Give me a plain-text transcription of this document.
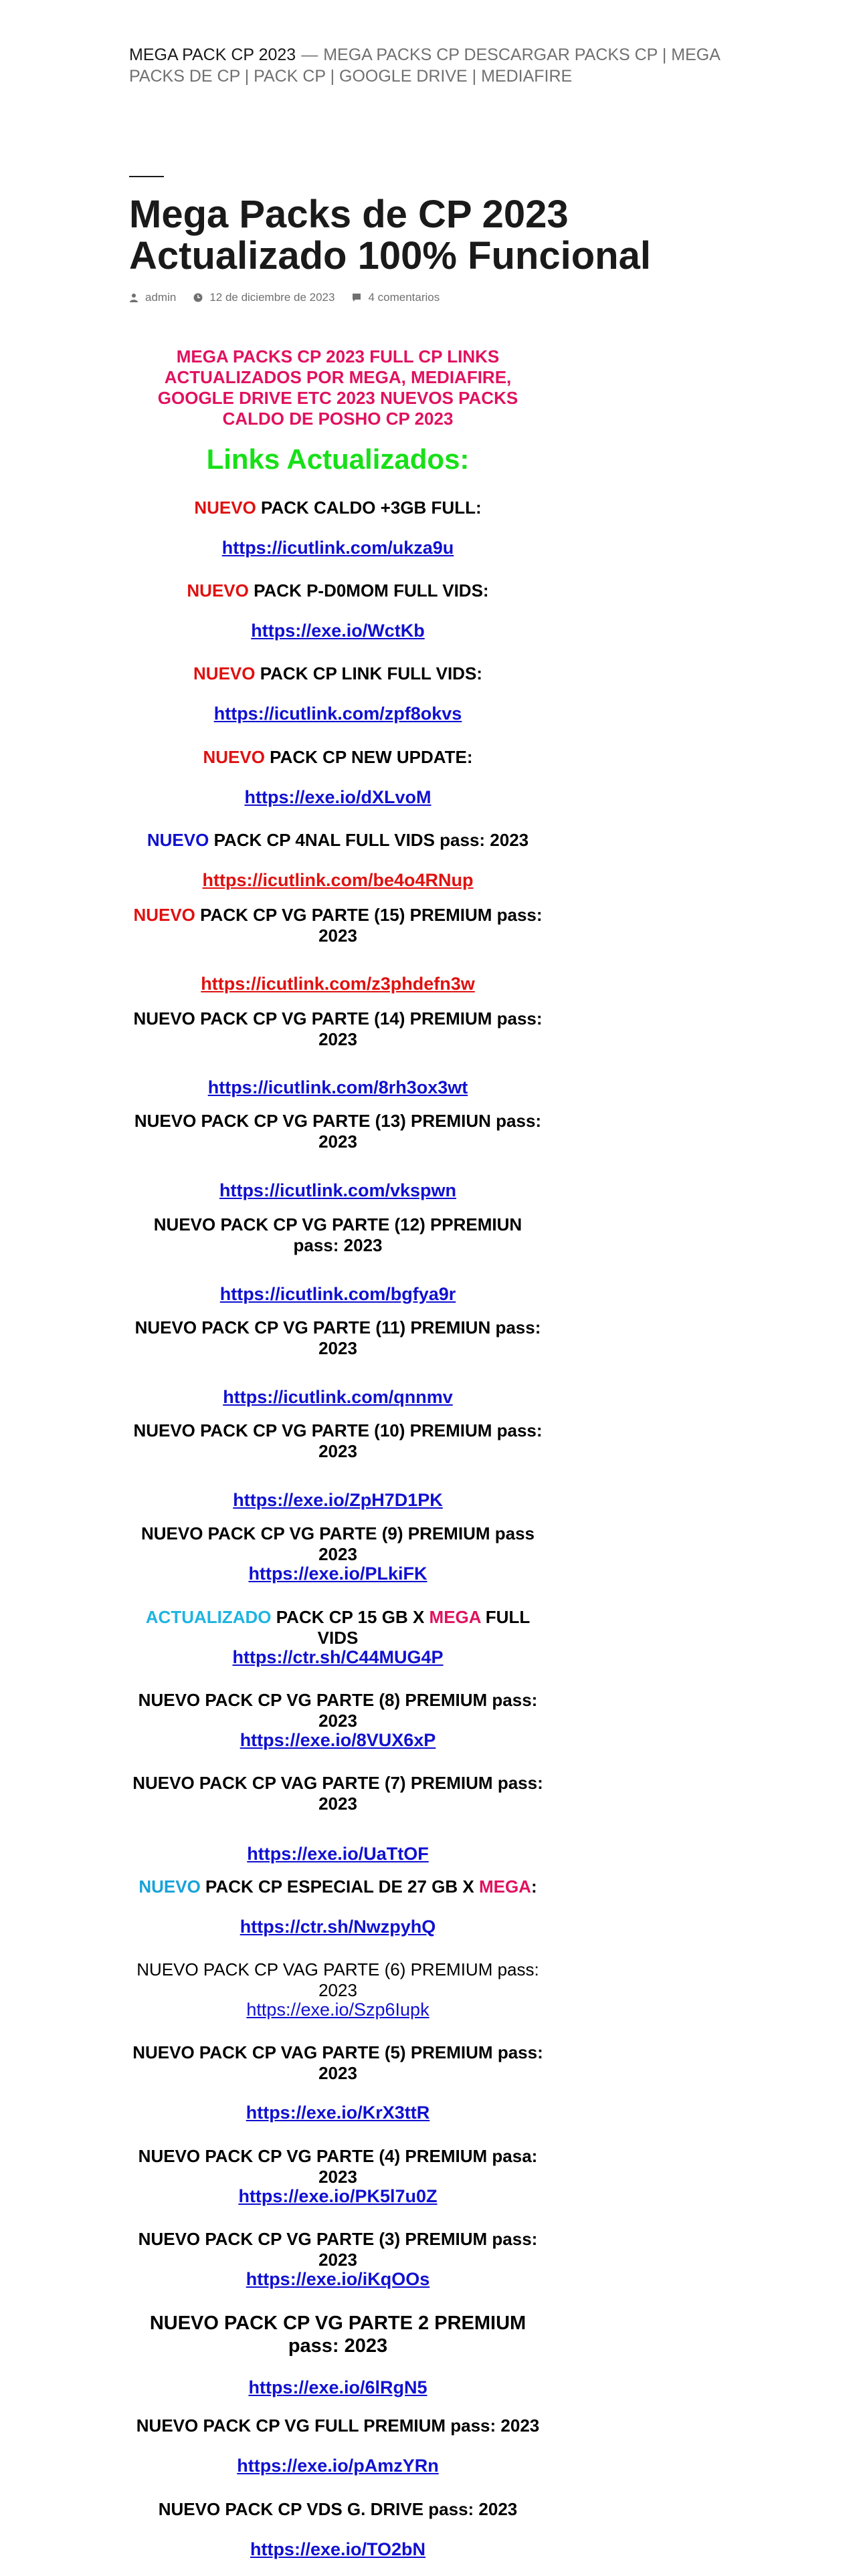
MEGA PACK CP 2023 — MEGA PACKS CP DESCARGAR PACKS CP | MEGA PACKS DE CP | PACK CP | GOOGLE DRIVE | MEDIAFIRE
Mega Packs de CP 2023 Actualizado 100% Funcional
admin	12 de diciembre de 2023	4 comentarios
MEGA PACKS CP 2023 FULL CP LINKS ACTUALIZADOS POR MEGA, MEDIAFIRE, GOOGLE DRIVE ETC 2023 NUEVOS PACKS CALDO DE POSHO CP 2023
Links Actualizados:
NUEVO PACK CALDO +3GB FULL:
https://icutlink.com/ukza9u
NUEVO PACK P-D0MOM FULL VIDS:
https://exe.io/WctKb
NUEVO PACK CP LINK FULL VIDS:
https://icutlink.com/zpf8okvs
NUEVO PACK CP NEW UPDATE:
https://exe.io/dXLvoM
NUEVO PACK CP 4NAL FULL VIDS pass: 2023
https://icutlink.com/be4o4RNup
NUEVO PACK CP VG PARTE (15) PREMIUM pass: 2023
https://icutlink.com/z3phdefn3w
NUEVO PACK CP VG PARTE (14) PREMIUM pass: 2023
https://icutlink.com/8rh3ox3wt
NUEVO PACK CP VG PARTE (13) PREMIUN pass: 2023
https://icutlink.com/vkspwn
NUEVO PACK CP VG PARTE (12) PPREMIUN pass: 2023
https://icutlink.com/bgfya9r
NUEVO PACK CP VG PARTE (11) PREMIUN pass: 2023
https://icutlink.com/qnnmv
NUEVO PACK CP VG PARTE (10) PREMIUM pass: 2023
https://exe.io/ZpH7D1PK
NUEVO PACK CP VG PARTE (9) PREMIUM pass 2023
https://exe.io/PLkiFK
ACTUALIZADO PACK CP 15 GB X MEGA FULL VIDS
https://ctr.sh/C44MUG4P
NUEVO PACK CP VG PARTE (8) PREMIUM pass: 2023
https://exe.io/8VUX6xP
NUEVO PACK CP VAG PARTE (7) PREMIUM pass: 2023
https://exe.io/UaTtOF
NUEVO PACK CP ESPECIAL DE 27 GB X MEGA:
https://ctr.sh/NwzpyhQ
NUEVO PACK CP VAG PARTE (6) PREMIUM pass: 2023
https://exe.io/Szp6Iupk
NUEVO PACK CP VAG PARTE (5) PREMIUM pass: 2023
https://exe.io/KrX3ttR
NUEVO PACK CP VG PARTE (4) PREMIUM pasa: 2023
https://exe.io/PK5l7u0Z
NUEVO PACK CP VG PARTE (3) PREMIUM pass: 2023
https://exe.io/iKqOOs
NUEVO PACK CP VG PARTE 2 PREMIUM pass: 2023
https://exe.io/6lRgN5
NUEVO PACK CP VG FULL PREMIUM pass: 2023
https://exe.io/pAmzYRn
NUEVO PACK CP VDS G. DRIVE pass: 2023
https://exe.io/TO2bN
